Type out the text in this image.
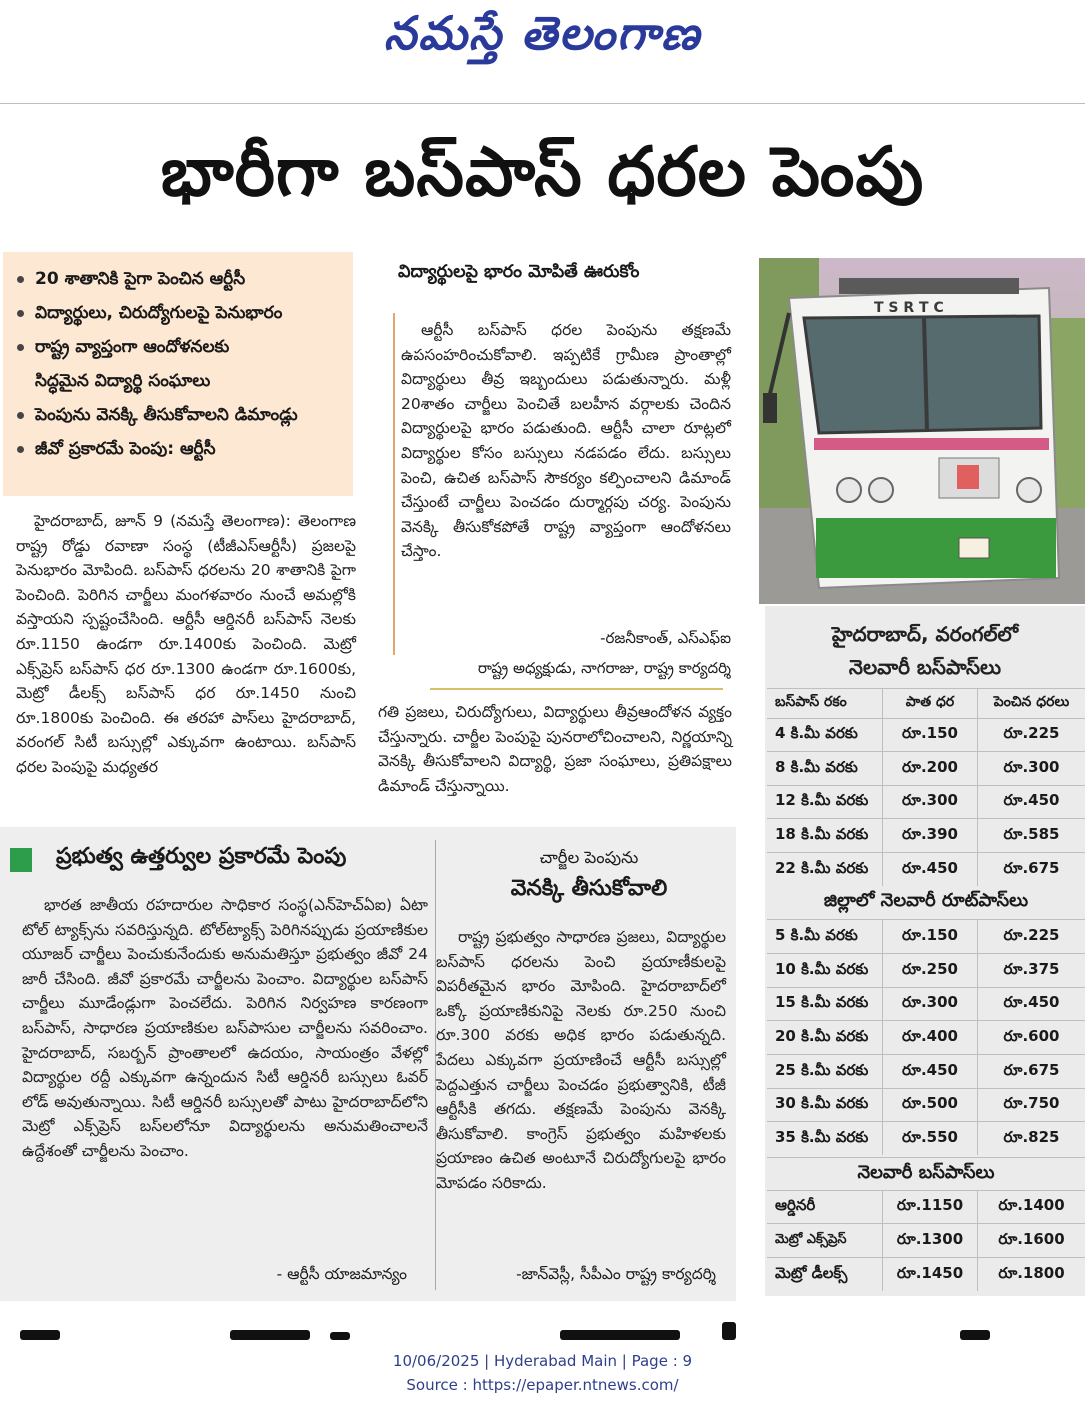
నమస్తే తెలంగాణ
భారీగా బస్‌పాస్ ధరల పెంపు
20 శాతానికి పైగా పెంచిన ఆర్టీసీ
విద్యార్థులు, చిరుద్యోగులపై పెనుభారం
రాష్ట్ర వ్యాప్తంగా ఆందోళనలకు
సిద్ధమైన విద్యార్థి సంఘాలు
పెంపును వెనక్కి తీసుకోవాలని డిమాండ్లు
జీవో ప్రకారమే పెంపు: ఆర్టీసీ

హైదరాబాద్, జూన్ 9 (నమస్తే తెలంగాణ): తెలంగాణ రాష్ట్ర రోడ్డు రవాణా సంస్థ (టీజీఎస్ఆర్టీసీ) ప్రజలపై పెనుభారం మోపింది. బస్‌పాస్ ధరలను 20 శాతానికి పైగా పెంచింది. పెరిగిన చార్జీలు మంగళవారం నుంచే అమల్లోకి వస్తాయని స్పష్టంచేసింది. ఆర్టీసీ ఆర్డినరీ బస్‌పాస్ నెలకు రూ.1150 ఉండగా రూ.1400కు పెంచింది. మెట్రో ఎక్స్‌ప్రెస్ బస్‌పాస్ ధర రూ.1300 ఉండగా రూ.1600కు, మెట్రో డీలక్స్ బస్‌పాస్ ధర రూ.1450 నుంచి రూ.1800కు పెంచింది. ఈ తరహా పాస్‌లు హైదరాబాద్, వరంగల్ సిటీ బస్సుల్లో ఎక్కువగా ఉంటాయి. బస్‌పాస్ ధరల పెంపుపై మధ్యతర

విద్యార్థులపై భారం మోపితే ఊరుకోం

ఆర్టీసీ బస్‌పాస్ ధరల పెంపును తక్షణమే ఉపసంహరించుకోవాలి. ఇప్పటికే గ్రామీణ ప్రాంతాల్లో విద్యార్థులు తీవ్ర ఇబ్బందులు పడుతున్నారు. మళ్లీ 20శాతం చార్జీలు పెంచితే బలహీన వర్గాలకు చెందిన విద్యార్థులపై భారం పడుతుంది. ఆర్టీసీ చాలా రూట్లలో విద్యార్థుల కోసం బస్సులు నడపడం లేదు. బస్సులు పెంచి, ఉచిత బస్‌పాస్ సౌకర్యం కల్పించాలని డిమాండ్ చేస్తుంటే చార్జీలు పెంచడం దుర్మార్గపు చర్య. పెంపును వెనక్కి తీసుకోకపోతే రాష్ట్ర వ్యాప్తంగా ఆందోళనలు చేస్తాం.

-రజనీకాంత్, ఎస్ఎఫ్ఐ
రాష్ట్ర అధ్యక్షుడు, నాగరాజు, రాష్ట్ర కార్యదర్శి

గతి ప్రజలు, చిరుద్యోగులు, విద్యార్థులు తీవ్రఆందోళన వ్యక్తం చేస్తున్నారు. చార్జీల పెంపుపై పునరాలోచించాలని, నిర్ణయాన్ని వెనక్కి తీసుకోవాలని విద్యార్థి, ప్రజా సంఘాలు, ప్రతిపక్షాలు డిమాండ్ చేస్తున్నాయి.

T S R T C
ప్రభుత్వ ఉత్తర్వుల ప్రకారమే పెంపు

భారత జాతీయ రహదారుల సాధికార సంస్థ(ఎన్‌హెచ్ఏఐ) ఏటా టోల్ ట్యాక్స్‌ను సవరిస్తున్నది. టోల్‌ట్యాక్స్ పెరిగినప్పుడు ప్రయాణికుల యూజర్ చార్జీలు పెంచుకునేందుకు అనుమతిస్తూ ప్రభుత్వం జీవో 24 జారీ చేసింది. జీవో ప్రకారమే చార్జీలను పెంచాం. విద్యార్థుల బస్‌పాస్ చార్జీలు మూడేండ్లుగా పెంచలేదు. పెరిగిన నిర్వహణ కారణంగా బస్‌పాస్, సాధారణ ప్రయాణికుల బస్‌పాసుల చార్జీలను సవరించాం. హైదరాబాద్, సబర్బన్ ప్రాంతాలలో ఉదయం, సాయంత్రం వేళల్లో విద్యార్థుల రద్దీ ఎక్కువగా ఉన్నందున సిటీ ఆర్డినరీ బస్సులు ఓవర్ లోడ్ అవుతున్నాయి. సిటీ ఆర్డినరీ బస్సులతో పాటు హైదరాబాద్‌లోని మెట్రో ఎక్స్‌ప్రెస్ బస్‌లలోనూ విద్యార్థులను అనుమతించాలనే ఉద్దేశంతో చార్జీలను పెంచాం.

- ఆర్టీసీ యాజమాన్యం
చార్జీల పెంపును
వెనక్కి తీసుకోవాలి

రాష్ట్ర ప్రభుత్వం సాధారణ ప్రజలు, విద్యార్థుల బస్‌పాస్ ధరలను పెంచి ప్రయాణీకులపై విపరీతమైన భారం మోపింది. హైదరాబాద్‌లో ఒక్కో ప్రయాణికునిపై నెలకు రూ.250 నుంచి రూ.300 వరకు అధిక భారం పడుతున్నది. పేదలు ఎక్కువగా ప్రయాణించే ఆర్టీసీ బస్సుల్లో పెద్దఎత్తున చార్జీలు పెంచడం ప్రభుత్వానికి, టీజీ ఆర్టీసీకి తగదు. తక్షణమే పెంపును వెనక్కి తీసుకోవాలి. కాంగ్రెస్ ప్రభుత్వం మహిళలకు ప్రయాణం ఉచిత అంటూనే చిరుద్యోగులపై భారం మోపడం సరికాదు.

-జాన్‌వెస్లీ, సీపీఎం రాష్ట్ర కార్యదర్శి
హైదరాబాద్, వరంగల్‌లో
నెలవారీ బస్‌పాస్‌లు
బస్‌పాస్ రకం	పాత ధర	పెంచిన ధరలు
4 కి.మీ వరకు	రూ.150	రూ.225
8 కి.మీ వరకు	రూ.200	రూ.300
12 కి.మీ వరకు	రూ.300	రూ.450
18 కి.మీ వరకు	రూ.390	రూ.585
22 కి.మీ వరకు	రూ.450	రూ.675
జిల్లాలో నెలవారీ రూట్‌పాస్‌లు
5 కి.మీ వరకు	రూ.150	రూ.225
10 కి.మీ వరకు	రూ.250	రూ.375
15 కి.మీ వరకు	రూ.300	రూ.450
20 కి.మీ వరకు	రూ.400	రూ.600
25 కి.మీ వరకు	రూ.450	రూ.675
30 కి.మీ వరకు	రూ.500	రూ.750
35 కి.మీ వరకు	రూ.550	రూ.825
నెలవారీ బస్‌పాస్‌లు
ఆర్డినరీ	రూ.1150	రూ.1400
మెట్రో ఎక్స్‌ప్రెస్	రూ.1300	రూ.1600
మెట్రో డీలక్స్	రూ.1450	రూ.1800
10/06/2025 | Hyderabad Main | Page : 9
Source : https://epaper.ntnews.com/
